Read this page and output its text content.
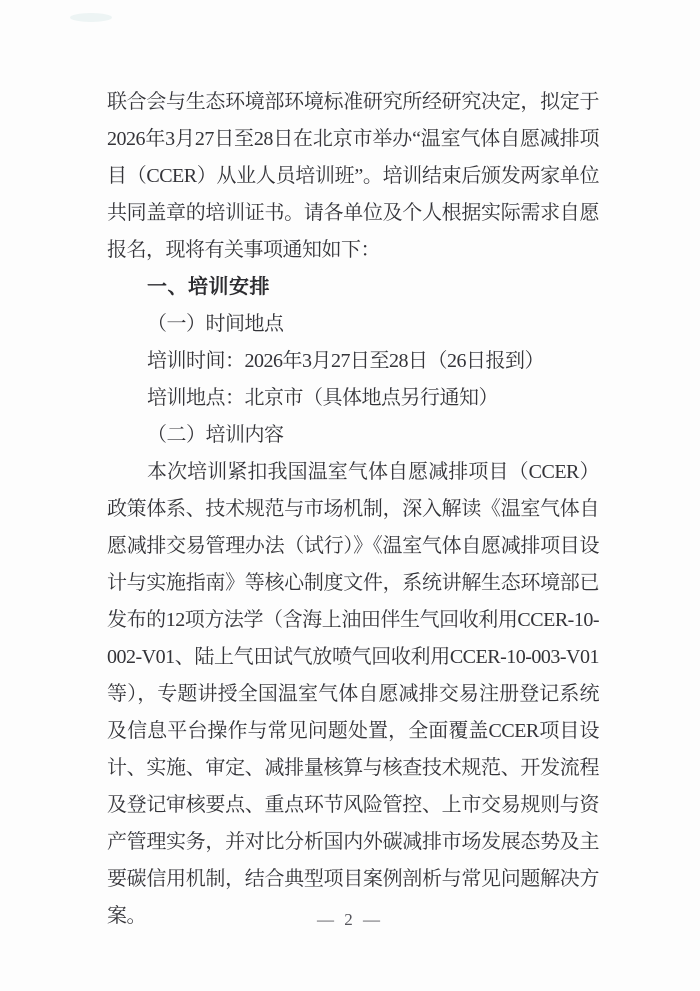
联合会与生态环境部环境标准研究所经研究决定，拟定于2026年3月27日至28日在北京市举办“温室气体自愿减排项目（CCER）从业人员培训班”。培训结束后颁发两家单位共同盖章的培训证书。请各单位及个人根据实际需求自愿报名，现将有关事项通知如下：

一、培训安排

（一）时间地点

培训时间：2026年3月27日至28日（26日报到）

培训地点：北京市（具体地点另行通知）

（二）培训内容

本次培训紧扣我国温室气体自愿减排项目（CCER）政策体系、技术规范与市场机制，深入解读《温室气体自愿减排交易管理办法（试行）》《温室气体自愿减排项目设计与实施指南》等核心制度文件，系统讲解生态环境部已发布的12项方法学（含海上油田伴生气回收利用CCER-10-002-V01、陆上气田试气放喷气回收利用CCER-10-003-V01等），专题讲授全国温室气体自愿减排交易注册登记系统及信息平台操作与常见问题处置，全面覆盖CCER项目设计、实施、审定、减排量核算与核查技术规范、开发流程及登记审核要点、重点环节风险管控、上市交易规则与资产管理实务，并对比分析国内外碳减排市场发展态势及主要碳信用机制，结合典型项目案例剖析与常见问题解决方案。	— 2 —
